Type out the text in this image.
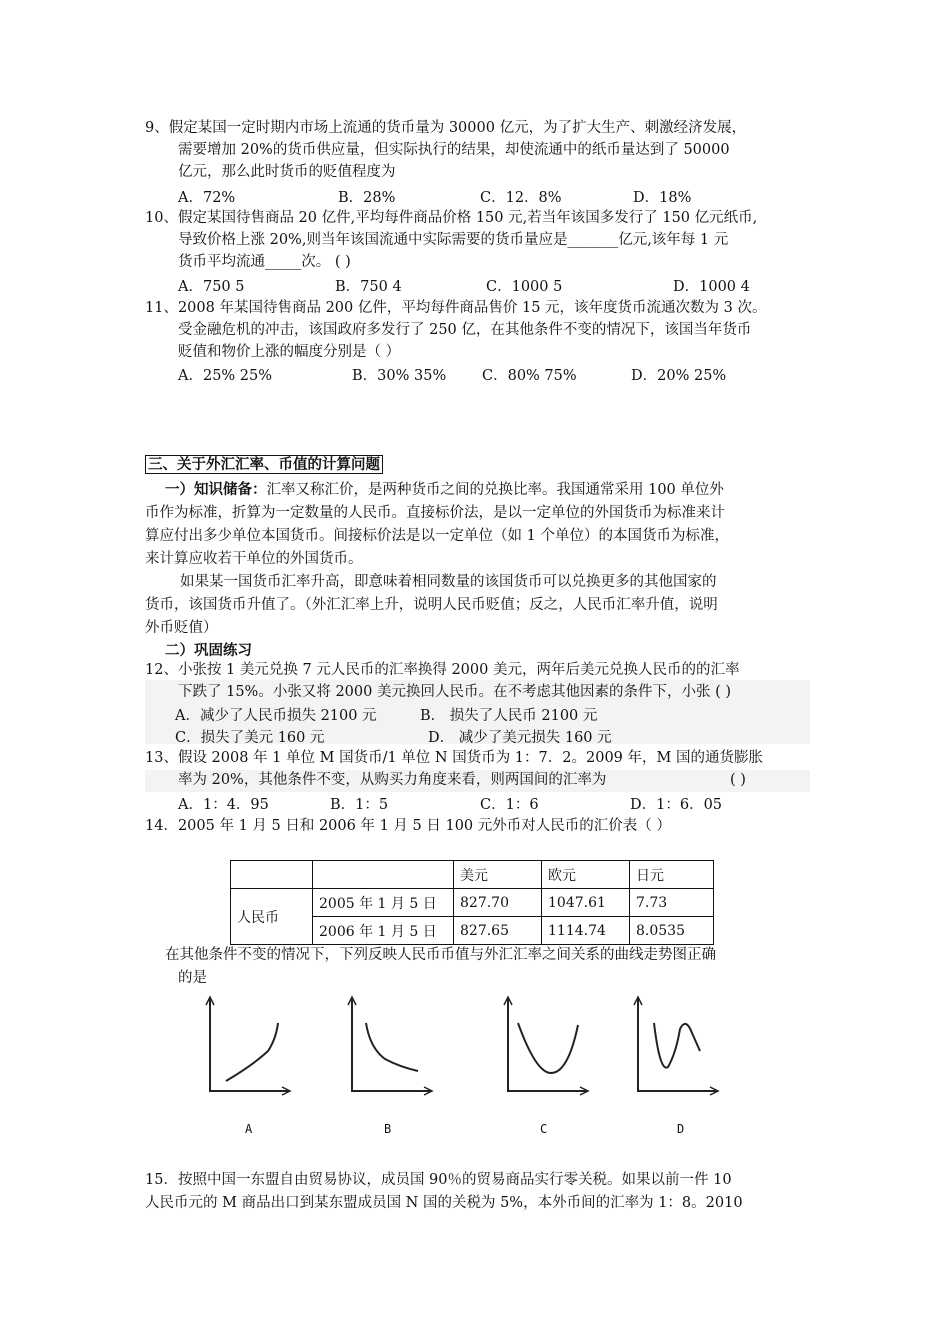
9、假定某国一定时期内市场上流通的货币量为 30000 亿元，为了扩大生产、刺激经济发展，
需要增加 20%的货币供应量，但实际执行的结果，却使流通中的纸币量达到了 50000
亿元，那么此时货币的贬值程度为
A．72%	B．28%	C．12．8%	D．18%
10、假定某国待售商品 20 亿件,平均每件商品价格 150 元,若当年该国多发行了 150 亿元纸币,
导致价格上涨 20%,则当年该国流通中实际需要的货币量应是_______亿元,该年每 1 元
货币平均流通_____次。 ( )
A．750 5	B．750 4	C．1000 5	D．1000 4
11、2008 年某国待售商品 200 亿件，平均每件商品售价 15 元，该年度货币流通次数为 3 次。
受金融危机的冲击，该国政府多发行了 250 亿，在其他条件不变的情况下，该国当年货币
贬值和物价上涨的幅度分别是（ ）
A．25% 25%	B．30% 35% C．80% 75%	D．20% 25%
三、关于外汇汇率、币值的计算问题
一）知识储备：汇率又称汇价，是两种货币之间的兑换比率。我国通常采用 100 单位外
币作为标准，折算为一定数量的人民币。直接标价法，是以一定单位的外国货币为标准来计
算应付出多少单位本国货币。间接标价法是以一定单位（如 1 个单位）的本国货币为标准，
来计算应收若干单位的外国货币。
如果某一国货币汇率升高，即意味着相同数量的该国货币可以兑换更多的其他国家的
货币，该国货币升值了。（外汇汇率上升，说明人民币贬值；反之，人民币汇率升值，说明
外币贬值）
二）巩固练习
12、小张按 1 美元兑换 7 元人民币的汇率换得 2000 美元，两年后美元兑换人民币的的汇率
下跌了 15%。小张又将 2000 美元换回人民币。在不考虑其他因素的条件下，小张 ( )
A．减少了人民币损失 2100 元	B． 损失了人民币 2100 元
C．损失了美元 160 元	D． 减少了美元损失 160 元
13、假设 2008 年 1 单位 M 国货币/1 单位 N 国货币为 1：7．2。2009 年，M 国的通货膨胀
率为 20%，其他条件不变，从购买力角度来看，则两国间的汇率为	( )
A．1：4．95	B．1：5	C．1：6	D．1：6．05
14．2005 年 1 月 5 日和 2006 年 1 月 5 日 100 元外币对人民币的汇价表（ ）
		美元	欧元	日元
人民币	2005 年 1 月 5 日	827.70	1047.61	7.73
	2006 年 1 月 5 日	827.65	1114.74	8.0535
在其他条件不变的情况下，下列反映人民币币值与外汇汇率之间关系的曲线走势图正确
的是
A	B	C	D
15．按照中国一东盟自由贸易协议，成员国 90％的贸易商品实行零关税。如果以前一件 10
人民币元的 M 商品出口到某东盟成员国 N 国的关税为 5%，本外币间的汇率为 1：8。2010
